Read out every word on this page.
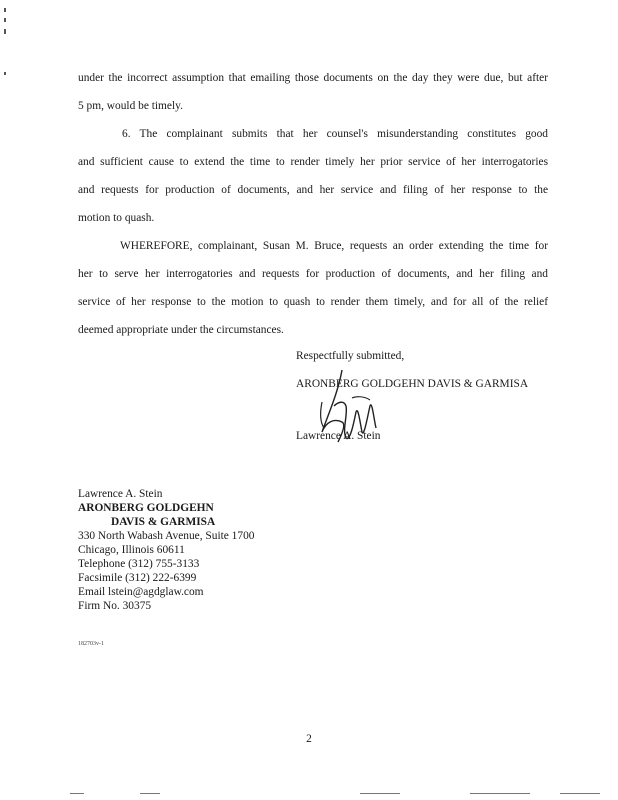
under the incorrect assumption that emailing those documents on the day they were due, but after
5 pm, would be timely.
6. The complainant submits that her counsel's misunderstanding constitutes good
and sufficient cause to extend the time to render timely her prior service of her interrogatories
and requests for production of documents, and her service and filing of her response to the
motion to quash.
WHEREFORE, complainant, Susan M. Bruce, requests an order extending the time for
her to serve her interrogatories and requests for production of documents, and her filing and
service of her response to the motion to quash to render them timely, and for all of the relief
deemed appropriate under the circumstances.
Respectfully submitted,
ARONBERG GOLDGEHN DAVIS & GARMISA
Lawrence A. Stein
Lawrence A. Stein
ARONBERG GOLDGEHN
DAVIS & GARMISA
330 North Wabash Avenue, Suite 1700
Chicago, Illinois 60611
Telephone (312) 755-3133
Facsimile (312) 222-6399
Email lstein@agdglaw.com
Firm No. 30375
182703v-1
2
